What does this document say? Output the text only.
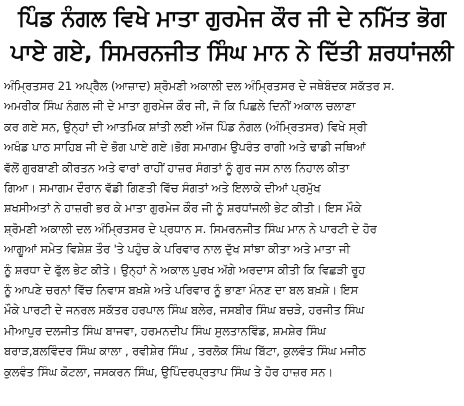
ਪਿੰਡ ਨੰਗਲ ਵਿਖੇ ਮਾਤਾ ਗੁਰਮੇਜ ਕੌਰ ਜੀ ਦੇ ਨਮਿੱਤ ਭੋਗ
ਪਾਏ ਗਏ, ਸਿਮਰਨਜੀਤ ਸਿੰਘ ਮਾਨ ਨੇ ਦਿੱਤੀ ਸ਼ਰਧਾਂਜਲੀ
ਅੰਮ੍ਰਿਤਸਰ 21 ਅਪ੍ਰੈਲ (ਆਜ਼ਾਦ) ਸ਼੍ਰੋਮਣੀ ਅਕਾਲੀ ਦਲ ਅੰਮ੍ਰਿਤਸਰ ਦੇ ਜਥੇਬੰਦਕ ਸਕੱਤਰ ਸ.
ਅਮਰੀਕ ਸਿੰਘ ਨੰਗਲ ਜੀ ਦੇ ਮਾਤਾ ਗੁਰਮੇਜ ਕੌਰ ਜੀ, ਜੋ ਕਿ ਪਿਛਲੇ ਦਿਨੀਂ ਅਕਾਲ ਚਲਾਣਾ
ਕਰ ਗਏ ਸਨ, ਉਨ੍ਹਾਂ ਦੀ ਆਤਮਿਕ ਸ਼ਾਂਤੀ ਲਈ ਅੱਜ ਪਿੰਡ ਨੰਗਲ (ਅੰਮ੍ਰਿਤਸਰ) ਵਿਖੇ ਸ੍ਰੀ
ਅਖੰਡ ਪਾਠ ਸਾਹਿਬ ਜੀ ਦੇ ਭੋਗ ਪਾਏ ਗਏ।ਭੋਗ ਸਮਾਗਮ ਉਪਰੰਤ ਰਾਗੀ ਅਤੇ ਢਾਡੀ ਜਥਿਆਂ
ਵੱਲੋਂ ਗੁਰਬਾਣੀ ਕੀਰਤਨ ਅਤੇ ਵਾਰਾਂ ਰਾਹੀਂ ਹਾਜ਼ਰ ਸੰਗਤਾਂ ਨੂੰ ਗੁਰ ਜਸ ਨਾਲ ਨਿਹਾਲ ਕੀਤਾ
ਗਿਆ। ਸਮਾਗਮ ਦੌਰਾਨ ਵੱਡੀ ਗਿਣਤੀ ਵਿੱਚ ਸੰਗਤਾਂ ਅਤੇ ਇਲਾਕੇ ਦੀਆਂ ਪ੍ਰਮੁੱਖ
ਸ਼ਖਸੀਅਤਾਂ ਨੇ ਹਾਜ਼ਰੀ ਭਰ ਕੇ ਮਾਤਾ ਗੁਰਮੇਜ ਕੌਰ ਜੀ ਨੂੰ ਸ਼ਰਧਾਂਜਲੀ ਭੇਟ ਕੀਤੀ। ਇਸ ਮੌਕੇ
ਸ਼੍ਰੋਮਣੀ ਅਕਾਲੀ ਦਲ ਅੰਮ੍ਰਿਤਸਰ ਦੇ ਪ੍ਰਧਾਨ ਸ. ਸਿਮਰਨਜੀਤ ਸਿੰਘ ਮਾਨ ਨੇ ਪਾਰਟੀ ਦੇ ਹੋਰ
ਆਗੂਆਂ ਸਮੇਤ ਵਿਸ਼ੇਸ਼ ਤੌਰ 'ਤੇ ਪਹੁੰਚ ਕੇ ਪਰਿਵਾਰ ਨਾਲ ਦੁੱਖ ਸਾਂਝਾ ਕੀਤਾ ਅਤੇ ਮਾਤਾ ਜੀ
ਨੂੰ ਸ਼ਰਧਾ ਦੇ ਫੁੱਲ ਭੇਟ ਕੀਤੇ। ਉਨ੍ਹਾਂ ਨੇ ਅਕਾਲ ਪੁਰਖ ਅੱਗੇ ਅਰਦਾਸ ਕੀਤੀ ਕਿ ਵਿਛੜੀ ਰੂਹ
ਨੂੰ ਆਪਣੇ ਚਰਨਾਂ ਵਿੱਚ ਨਿਵਾਸ ਬਖ਼ਸ਼ੇ ਅਤੇ ਪਰਿਵਾਰ ਨੂੰ ਭਾਣਾ ਮੰਨਣ ਦਾ ਬਲ ਬਖ਼ਸ਼ੇ। ਇਸ
ਮੌਕੇ ਪਾਰਟੀ ਦੇ ਜਨਰਲ ਸਕੱਤਰ ਹਰਪਾਲ ਸਿੰਘ ਬਲੇਰ, ਜਸਬੀਰ ਸਿੰਘ ਬਚੜੇ, ਹਰਜੀਤ ਸਿੰਘ
ਮੀਆਪੁਰ ਦਲਜੀਤ ਸਿੰਘ ਬਾਜਵਾ, ਹਰਮਨਦੀਪ ਸਿੰਘ ਸੁਲਤਾਨਵਿੰਡ, ਸ਼ਮਸ਼ੇਰ ਸਿੰਘ
ਬਰਾੜ,ਬਲਵਿੰਦਰ ਸਿੰਘ ਕਾਲਾ , ਰਵੀਸ਼ੇਰ ਸਿੰਘ , ਤਰਲੋਕ ਸਿੰਘ ਬਿੱਟਾ, ਕੁਲਵੰਤ ਸਿੰਘ ਮਜੀਠ
ਕੁਲਵੰਤ ਸਿੰਘ ਕੋਟਲਾ, ਜਸਕਰਨ ਸਿੰਘ, ਉਪਿੰਦਰਪ੍ਰਤਾਪ ਸਿੰਘ ਤੇ ਹੋਰ ਹਾਜ਼ਰ ਸਨ।
